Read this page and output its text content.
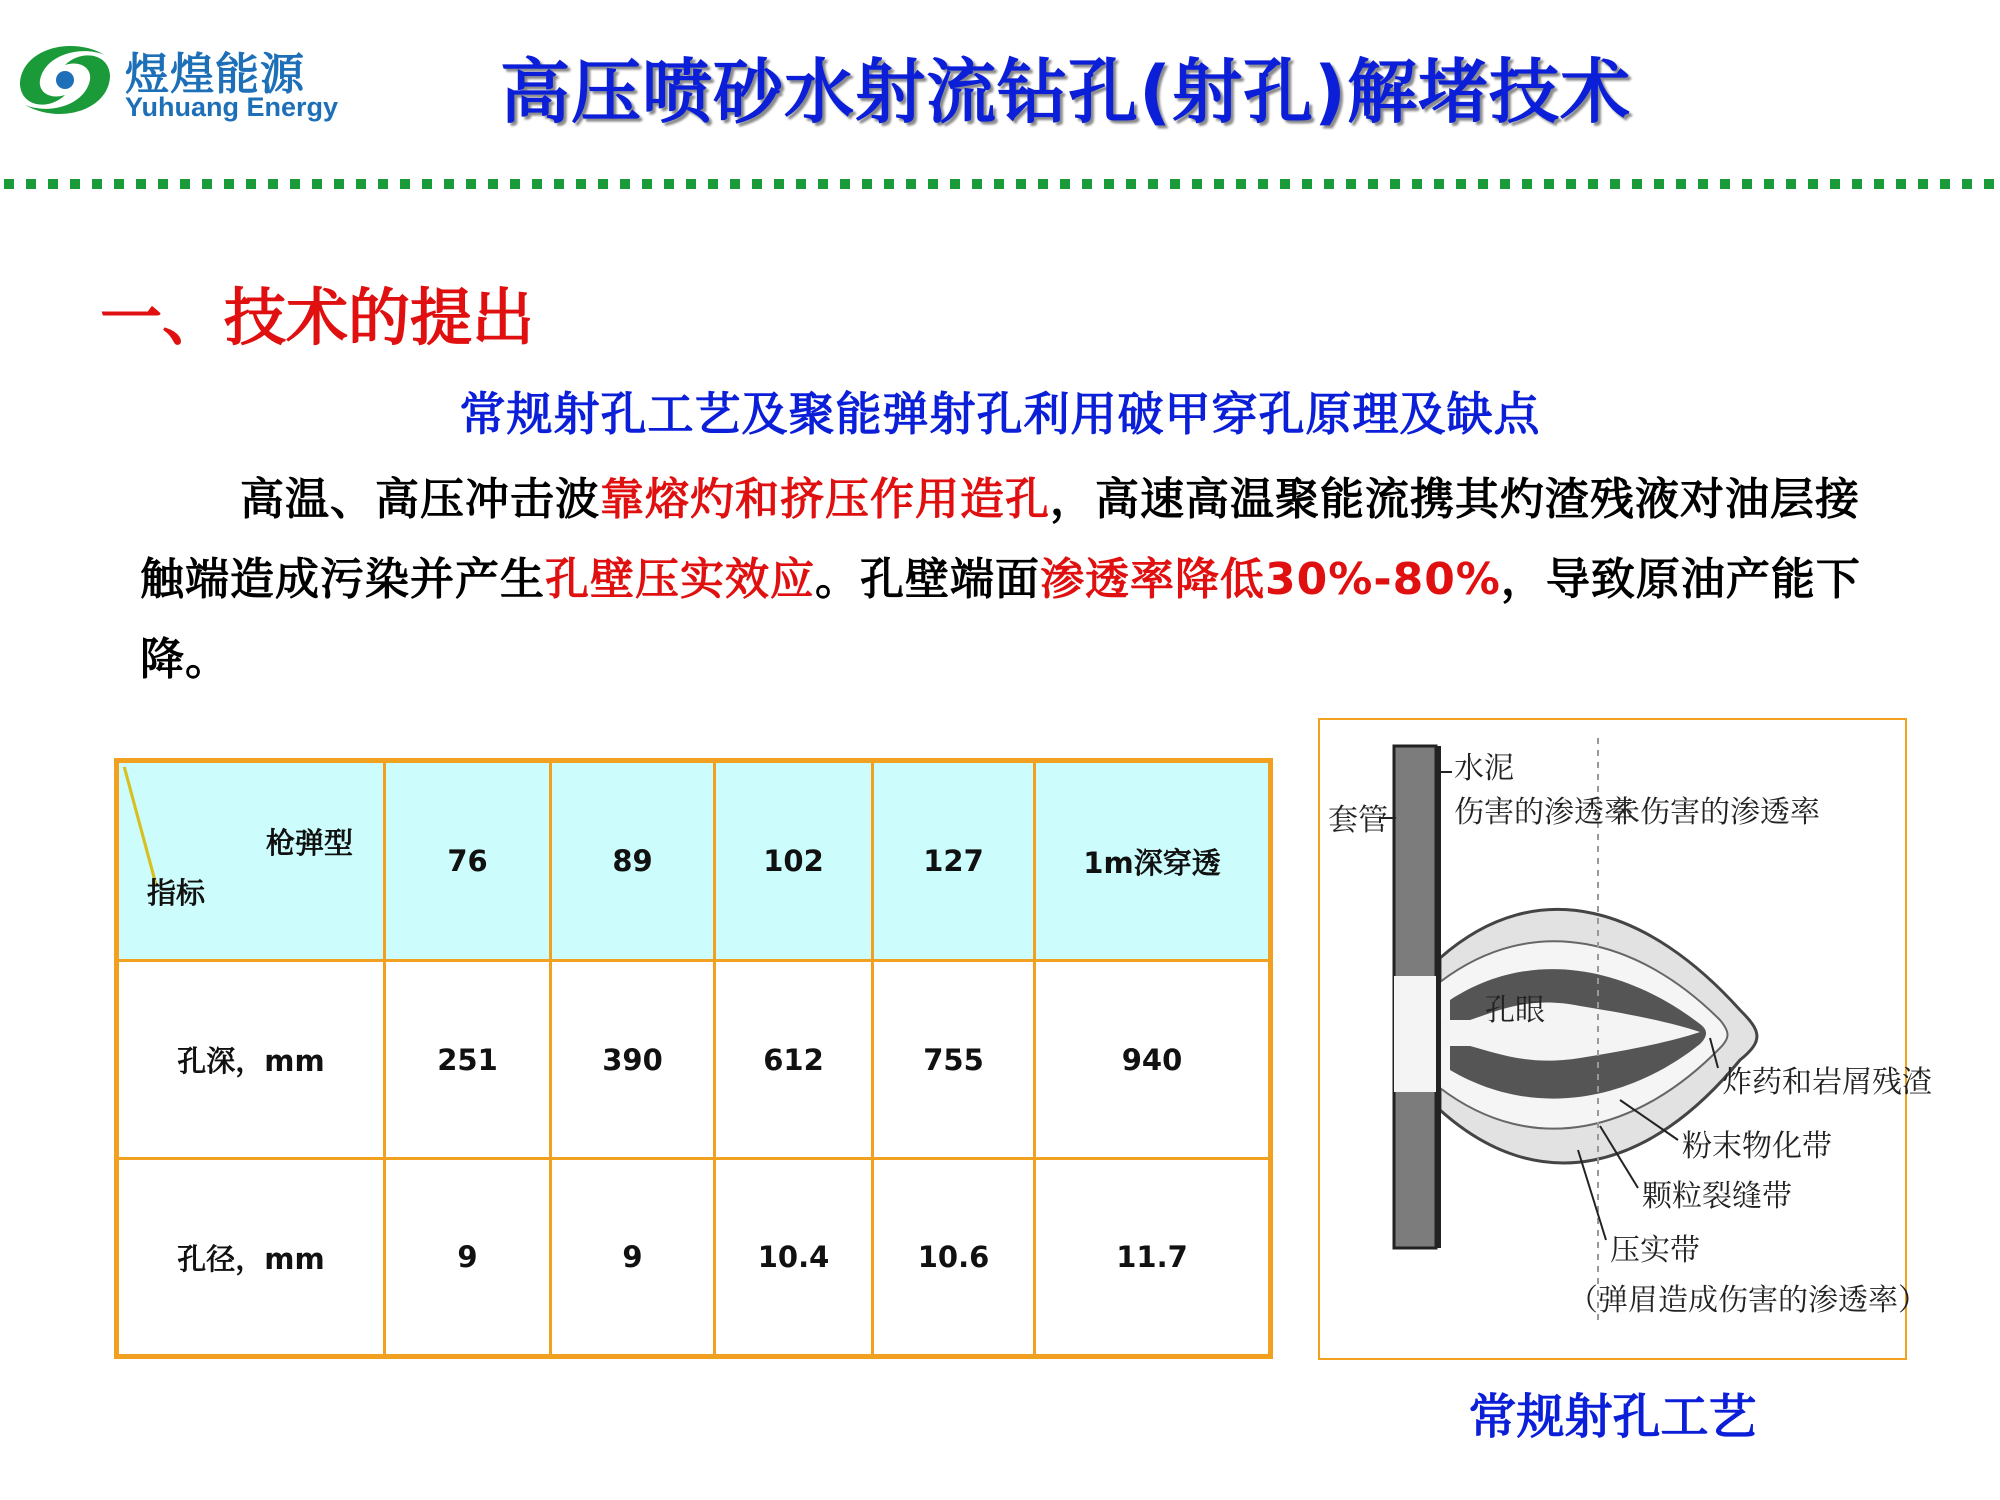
煜煌能源
Yuhuang Energy 高压喷砂水射流钻孔(射孔)解堵技术
一、技术的提出
常规射孔工艺及聚能弹射孔利用破甲穿孔原理及缺点
高温、高压冲击波靠熔灼和挤压作用造孔，高速高温聚能流携其灼渣残液对油层接触端造成污染并产生孔壁压实效应。孔壁端面渗透率降低30%-80%，导致原油产能下降。
枪弹型
指标	76	89	102	127	1m深穿透
孔深，mm	251	390	612	755	940
孔径，mm	9	9	10.4	10.6	11.7
套管
水泥
伤害的渗透率
未伤害的渗透率
孔眼
炸药和岩屑残渣
粉末物化带
颗粒裂缝带
压实带
（弹眉造成伤害的渗透率）
常规射孔工艺
